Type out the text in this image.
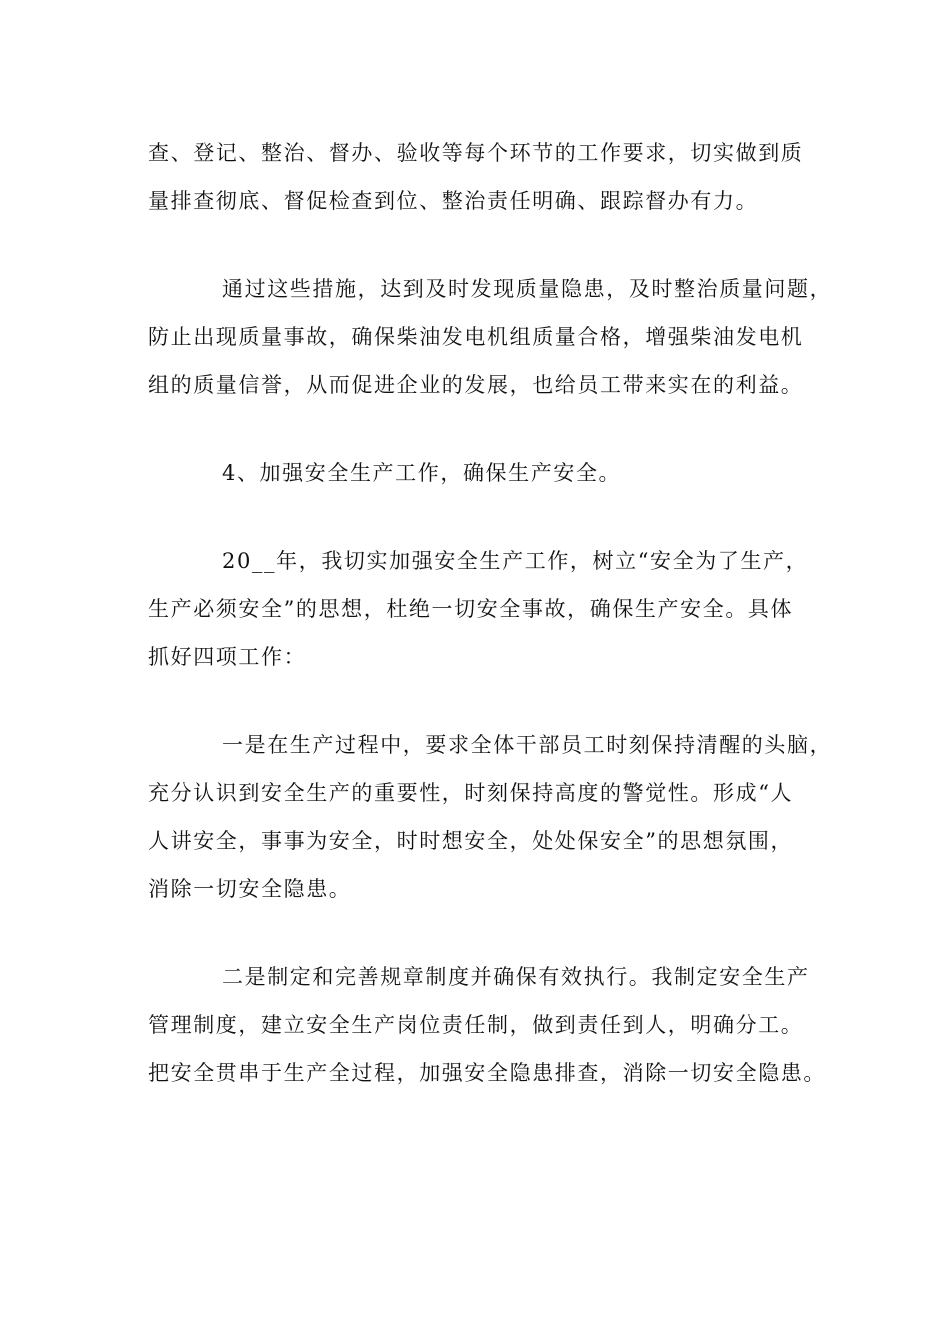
查、登记、整治、督办、验收等每个环节的工作要求，切实做到质
量排查彻底、督促检查到位、整治责任明确、跟踪督办有力。
通过这些措施，达到及时发现质量隐患，及时整治质量问题，
防止出现质量事故，确保柴油发电机组质量合格，增强柴油发电机
组的质量信誉，从而促进企业的发展，也给员工带来实在的利益。
4、加强安全生产工作，确保生产安全。
20__年，我切实加强安全生产工作，树立“安全为了生产，
生产必须安全”的思想，杜绝一切安全事故，确保生产安全。具体
抓好四项工作：
一是在生产过程中，要求全体干部员工时刻保持清醒的头脑，
充分认识到安全生产的重要性，时刻保持高度的警觉性。形成“人
人讲安全，事事为安全，时时想安全，处处保安全”的思想氛围，
消除一切安全隐患。
二是制定和完善规章制度并确保有效执行。我制定安全生产
管理制度，建立安全生产岗位责任制，做到责任到人，明确分工。
把安全贯串于生产全过程，加强安全隐患排查，消除一切安全隐患。
